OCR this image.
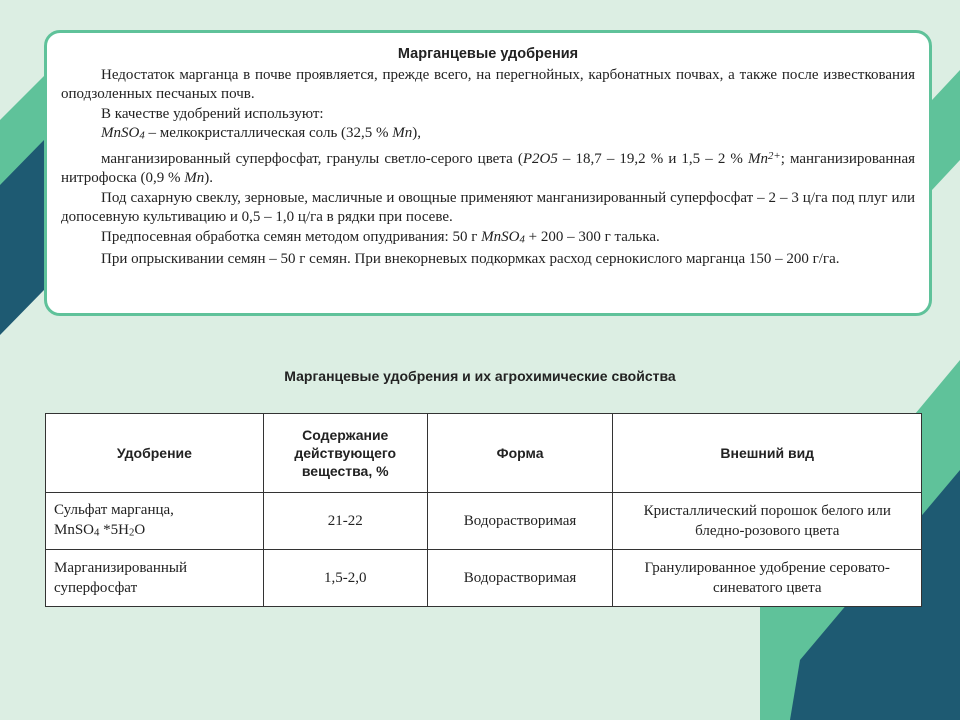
Марганцевые удобрения

Недостаток марганца в почве проявляется, прежде всего, на перегнойных, карбонатных почвах, а также после известкования оподзоленных песчаных почв.

В качестве удобрений используют:

MnSO4 – мелкокристаллическая соль (32,5 % Mn),

манганизированный суперфосфат, гранулы светло-серого цвета (P2O5 – 18,7 – 19,2 % и 1,5 – 2 % $Mn^{2+}$; манганизированная нитрофоска (0,9 % Mn).

Под сахарную свеклу, зерновые, масличные и овощные применяют манганизированный суперфосфат – 2 – 3 ц/га под плуг или допосевную культивацию и 0,5 – 1,0 ц/га в рядки при посеве.

Предпосевная обработка семян методом опудривания: 50 г MnSO4 + 200 – 300 г талька.

При опрыскивании семян – 50 г семян. При внекорневых подкормках расход сернокислого марганца 150 – 200 г/га.

Марганцевые удобрения и их агрохимические свойства
Удобрение	Содержание действующего вещества, %	Форма	Внешний вид
Сульфат марганца,
MnSO4 *5H2O	21-22	Водорастворимая	Кристаллический порошок белого или бледно-розового цвета
Марганизированный суперфосфат	1,5-2,0	Водорастворимая	Гранулированное удобрение серовато-синеватого цвета
